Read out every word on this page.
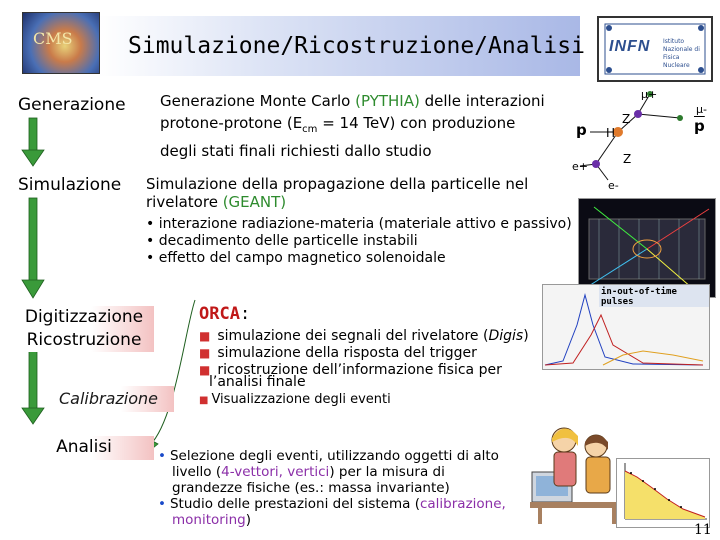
Simulazione/Ricostruzione/Analisi
CMS	INFN Istituto Nazionale di Fisica Nucleare
Generazione
Simulazione
Digitizzazione
Ricostruzione
Calibrazione
Analisi
Generazione Monte Carlo (PYTHIA) delle interazioni
protone-protone ($E_{cm} = 14$ TeV) con produzione
degli stati finali richiesti dallo studio
Simulazione della propagazione della particelle nel
rivelatore (GEANT)
• interazione radiazione-materia (materiale attivo e passivo)
• decadimento delle particelle instabili
• effetto del campo magnetico solenoidale
ORCA:
■ simulazione dei segnali del rivelatore (Digis)
■ simulazione della risposta del trigger
■ ricostruzione dell’informazione fisica per
l’analisi finale
■ Visualizzazione degli eventi
• Selezione degli eventi, utilizzando oggetti di alto
livello (4-vettori, vertici) per la misura di
grandezze fisiche (es.: massa invariante)
• Studio delle prestazioni del sistema (calibrazione,
monitoring)
p	$\overline{p}$
H
Z
Z
μ+
μ-
e+
e-
in-out-of-time
pulses
11
